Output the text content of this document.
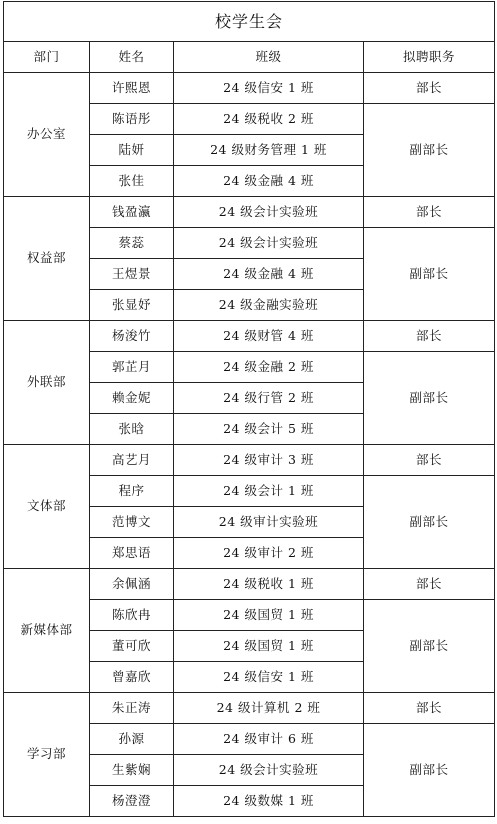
校学生会			
部门	姓名	班级	拟聘职务
办公室	许熙恩	24 级信安 1 班	部长
	陈语彤	24 级税收 2 班	副部长
	陆妍	24 级财务管理 1 班	
	张佳	24 级金融 4 班	
权益部	钱盈瀛	24 级会计实验班	部长
	蔡蕊	24 级会计实验班	副部长
	王煜景	24 级金融 4 班	
	张显妤	24 级金融实验班	
外联部	杨浚竹	24 级财管 4 班	部长
	郭芷月	24 级金融 2 班	副部长
	赖金妮	24 级行管 2 班	
	张晗	24 级会计 5 班	
文体部	高艺月	24 级审计 3 班	部长
	程序	24 级会计 1 班	副部长
	范博文	24 级审计实验班	
	郑思语	24 级审计 2 班	
新媒体部	余佩涵	24 级税收 1 班	部长
	陈欣冉	24 级国贸 1 班	副部长
	董可欣	24 级国贸 1 班	
	曾嘉欣	24 级信安 1 班	
学习部	朱正涛	24 级计算机 2 班	部长
	孙源	24 级审计 6 班	副部长
	生紫娴	24 级会计实验班	
	杨澄澄	24 级数媒 1 班	
